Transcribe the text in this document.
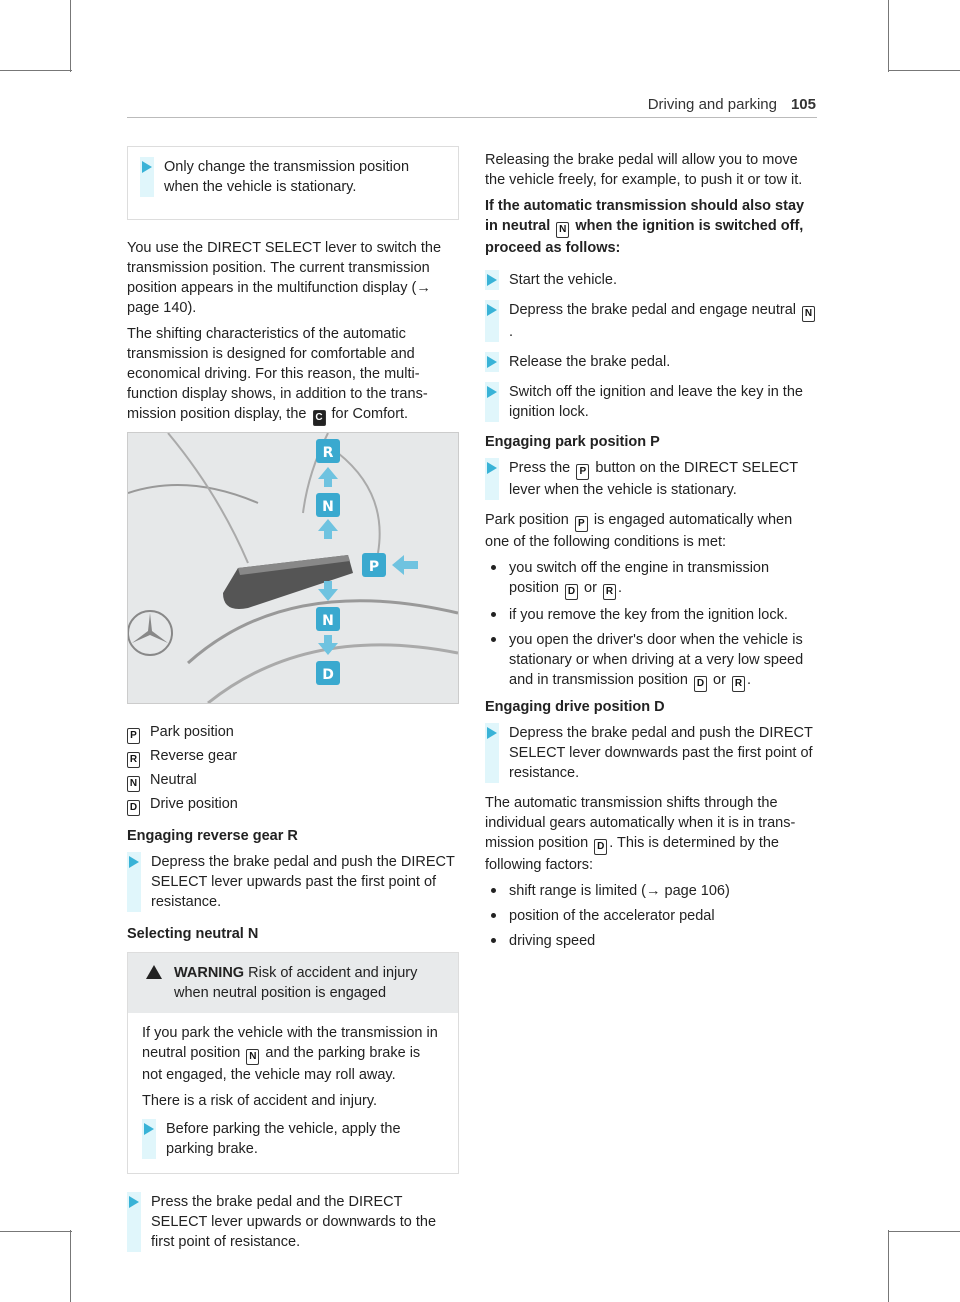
Driving and parking 105
Only change the transmission position when the vehicle is stationary.

You use the DIRECT SELECT lever to switch the transmission position. The current transmission position appears in the multifunction display (→ page 140).

The shifting characteristics of the automatic transmission is designed for comfortable and economical driving. For this reason, the multi-function display shows, in addition to the trans-mission position display, the C for Comfort.

R
N
P
N
D
P Park position
R Reverse gear
N Neutral
D Drive position
Engaging reverse gear R
Depress the brake pedal and push the DIRECT SELECT lever upwards past the first point of resistance.
Selecting neutral N
WARNING Risk of accident and injury when neutral position is engaged

If you park the vehicle with the transmission in neutral position N and the parking brake is not engaged, the vehicle may roll away.

There is a risk of accident and injury.

Before parking the vehicle, apply the parking brake.
Press the brake pedal and the DIRECT SELECT lever upwards or downwards to the first point of resistance.

Releasing the brake pedal will allow you to move the vehicle freely, for example, to push it or tow it.

If the automatic transmission should also stay in neutral N when the ignition is switched off, proceed as follows:
Start the vehicle.
Depress the brake pedal and engage neutral N.
Release the brake pedal.
Switch off the ignition and leave the key in the ignition lock.
Engaging park position P
Press the P button on the DIRECT SELECT lever when the vehicle is stationary.

Park position P is engaged automatically when one of the following conditions is met:

you switch off the engine in transmission position D or R .
if you remove the key from the ignition lock.
you open the driver's door when the vehicle is stationary or when driving at a very low speed and in transmission position D or R .
Engaging drive position D
Depress the brake pedal and push the DIRECT SELECT lever downwards past the first point of resistance.

The automatic transmission shifts through the individual gears automatically when it is in trans-mission position D . This is determined by the following factors:

shift range is limited (→ page 106)
position of the accelerator pedal
driving speed
